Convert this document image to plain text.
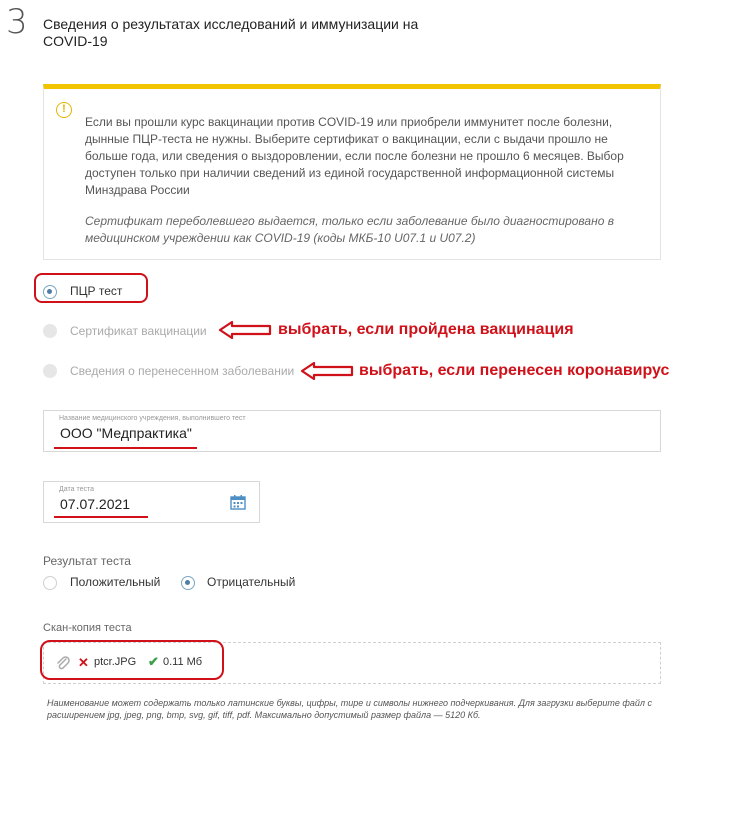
3 Сведения о результатах исследований и иммунизации на COVID-19
!
Если вы прошли курс вакцинации против COVID-19 или приобрели иммунитет после болезни, дынные ПЦР-теста не нужны. Выберите сертификат о вакцинации, если с выдачи прошло не больше года, или сведения о выздоровлении, если после болезни не прошло 6 месяцев. Выбор доступен только при наличии сведений из единой государственной информационной системы Минздрава России
Сертификат переболевшего выдается, только если заболевание было диагностировано в медицинском учреждении как COVID-19 (коды МКБ-10 U07.1 и U07.2)
ПЦР тест
Сертификат вакцинации	выбрать, если пройдена вакцинация
Сведения о перенесенном заболевании	выбрать, если перенесен коронавирус
Название медицинского учреждения, выполнившего тест
ООО "Медпрактика"
Дата теста
07.07.2021
Результат теста
Положительный	Отрицательный
Скан-копия теста
✕ ptcr.JPG ✔ 0.11 Мб
Наименование может содержать только латинские буквы, цифры, тире и символы нижнего подчеркивания. Для загрузки выберите файл с расширением jpg, jpeg, png, bmp, svg, gif, tiff, pdf. Максимально допустимый размер файла — 5120 Кб.
